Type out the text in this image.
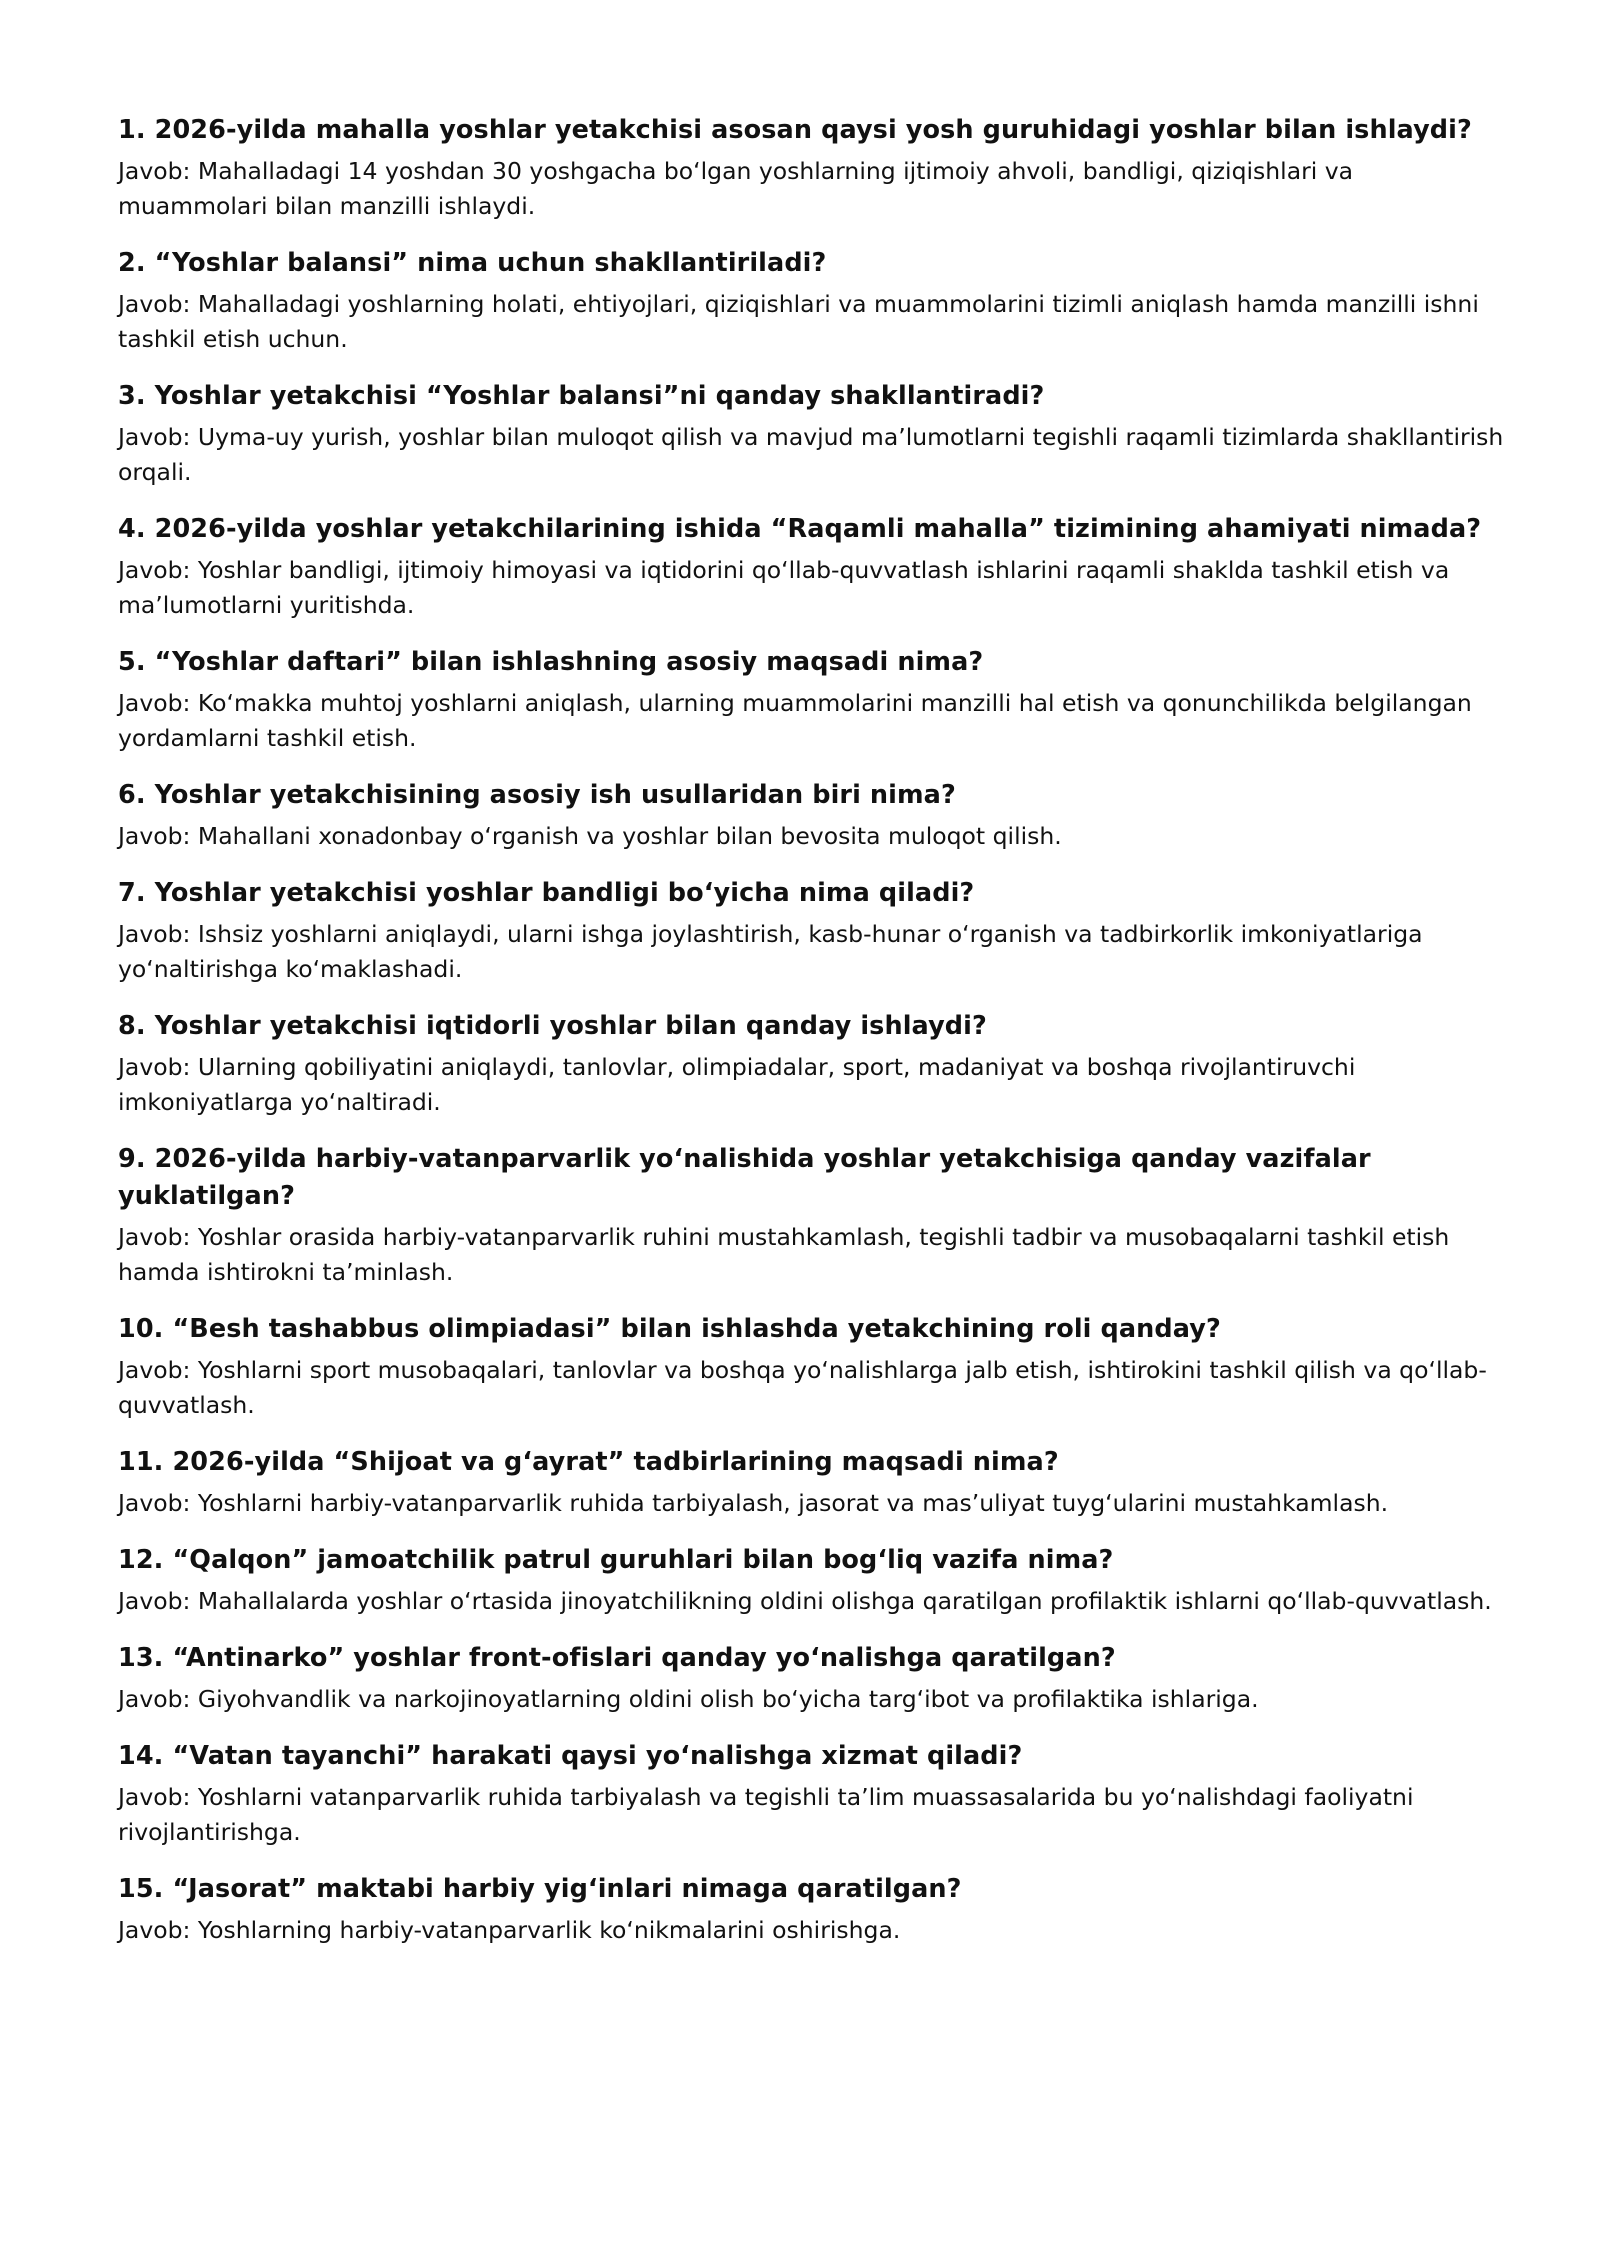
1. 2026-yilda mahalla yoshlar yetakchisi asosan qaysi yosh guruhidagi yoshlar bilan ishlaydi?

Javob: Mahalladagi 14 yoshdan 30 yoshgacha bo‘lgan yoshlarning ijtimoiy ahvoli, bandligi, qiziqishlari va muammolari bilan manzilli ishlaydi.

2. “Yoshlar balansi” nima uchun shakllantiriladi?

Javob: Mahalladagi yoshlarning holati, ehtiyojlari, qiziqishlari va muammolarini tizimli aniqlash hamda manzilli ishni tashkil etish uchun.

3. Yoshlar yetakchisi “Yoshlar balansi”ni qanday shakllantiradi?

Javob: Uyma-uy yurish, yoshlar bilan muloqot qilish va mavjud ma’lumotlarni tegishli raqamli tizimlarda shakllantirish orqali.

4. 2026-yilda yoshlar yetakchilarining ishida “Raqamli mahalla” tizimining ahamiyati nimada?

Javob: Yoshlar bandligi, ijtimoiy himoyasi va iqtidorini qo‘llab-quvvatlash ishlarini raqamli shaklda tashkil etish va ma’lumotlarni yuritishda.

5. “Yoshlar daftari” bilan ishlashning asosiy maqsadi nima?

Javob: Ko‘makka muhtoj yoshlarni aniqlash, ularning muammolarini manzilli hal etish va qonunchilikda belgilangan yordamlarni tashkil etish.

6. Yoshlar yetakchisining asosiy ish usullaridan biri nima?

Javob: Mahallani xonadonbay o‘rganish va yoshlar bilan bevosita muloqot qilish.

7. Yoshlar yetakchisi yoshlar bandligi bo‘yicha nima qiladi?

Javob: Ishsiz yoshlarni aniqlaydi, ularni ishga joylashtirish, kasb-hunar o‘rganish va tadbirkorlik imkoniyatlariga yo‘naltirishga ko‘maklashadi.

8. Yoshlar yetakchisi iqtidorli yoshlar bilan qanday ishlaydi?

Javob: Ularning qobiliyatini aniqlaydi, tanlovlar, olimpiadalar, sport, madaniyat va boshqa rivojlantiruvchi imkoniyatlarga yo‘naltiradi.

9. 2026-yilda harbiy-vatanparvarlik yo‘nalishida yoshlar yetakchisiga qanday vazifalar yuklatilgan?

Javob: Yoshlar orasida harbiy-vatanparvarlik ruhini mustahkamlash, tegishli tadbir va musobaqalarni tashkil etish hamda ishtirokni ta’minlash.

10. “Besh tashabbus olimpiadasi” bilan ishlashda yetakchining roli qanday?

Javob: Yoshlarni sport musobaqalari, tanlovlar va boshqa yo‘nalishlarga jalb etish, ishtirokini tashkil qilish va qo‘llab-quvvatlash.

11. 2026-yilda “Shijoat va g‘ayrat” tadbirlarining maqsadi nima?

Javob: Yoshlarni harbiy-vatanparvarlik ruhida tarbiyalash, jasorat va mas’uliyat tuyg‘ularini mustahkamlash.

12. “Qalqon” jamoatchilik patrul guruhlari bilan bog‘liq vazifa nima?

Javob: Mahallalarda yoshlar o‘rtasida jinoyatchilikning oldini olishga qaratilgan profilaktik ishlarni qo‘llab-quvvatlash.

13. “Antinarko” yoshlar front-ofislari qanday yo‘nalishga qaratilgan?

Javob: Giyohvandlik va narkojinoyatlarning oldini olish bo‘yicha targ‘ibot va profilaktika ishlariga.

14. “Vatan tayanchi” harakati qaysi yo‘nalishga xizmat qiladi?

Javob: Yoshlarni vatanparvarlik ruhida tarbiyalash va tegishli ta’lim muassasalarida bu yo‘nalishdagi faoliyatni rivojlantirishga.

15. “Jasorat” maktabi harbiy yig‘inlari nimaga qaratilgan?

Javob: Yoshlarning harbiy-vatanparvarlik ko‘nikmalarini oshirishga.
